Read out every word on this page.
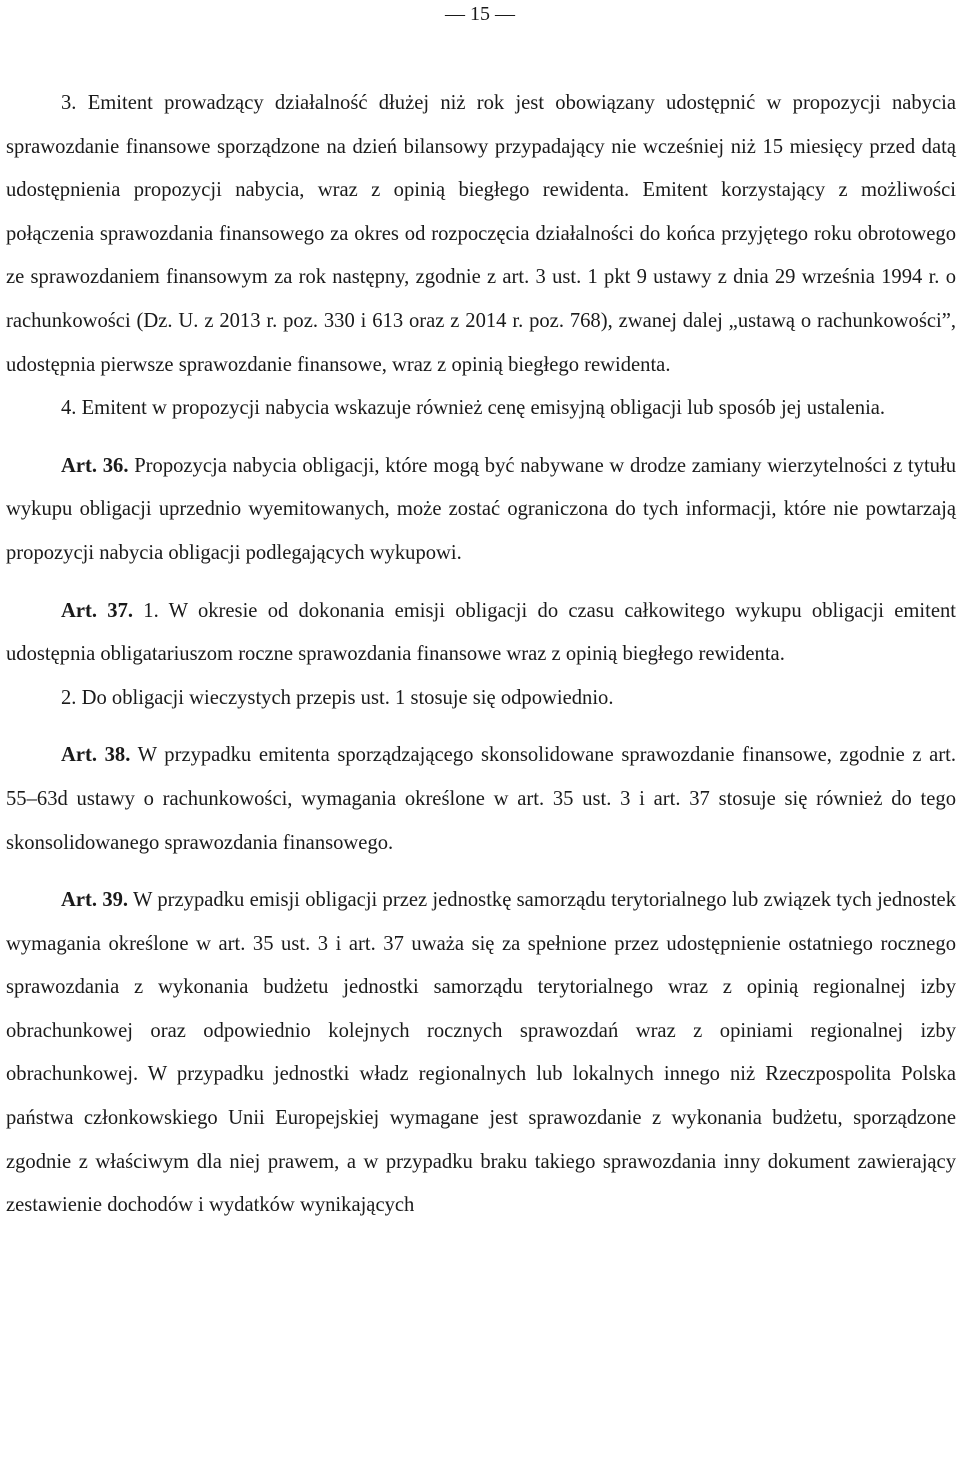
— 15 —

3. Emitent prowadzący działalność dłużej niż rok jest obowiązany udostępnić w propozycji nabycia sprawozdanie finansowe sporządzone na dzień bilansowy przypadający nie wcześniej niż 15 miesięcy przed datą udostępnienia propozycji nabycia, wraz z opinią biegłego rewidenta. Emitent korzystający z możliwości połączenia sprawozdania finansowego za okres od rozpoczęcia działalności do końca przyjętego roku obrotowego ze sprawozdaniem finansowym za rok następny, zgodnie z art. 3 ust. 1 pkt 9 ustawy z dnia 29 września 1994 r. o rachunkowości (Dz. U. z 2013 r. poz. 330 i 613 oraz z 2014 r. poz. 768), zwanej dalej „ustawą o rachunkowości”, udostępnia pierwsze sprawozdanie finansowe, wraz z opinią biegłego rewidenta.

4. Emitent w propozycji nabycia wskazuje również cenę emisyjną obligacji lub sposób jej ustalenia.

Art. 36. Propozycja nabycia obligacji, które mogą być nabywane w drodze zamiany wierzytelności z tytułu wykupu obligacji uprzednio wyemitowanych, może zostać ograniczona do tych informacji, które nie powtarzają propozycji nabycia obligacji podlegających wykupowi.

Art. 37. 1. W okresie od dokonania emisji obligacji do czasu całkowitego wykupu obligacji emitent udostępnia obligatariuszom roczne sprawozdania finansowe wraz z opinią biegłego rewidenta.

2. Do obligacji wieczystych przepis ust. 1 stosuje się odpowiednio.

Art. 38. W przypadku emitenta sporządzającego skonsolidowane sprawozdanie finansowe, zgodnie z art. 55–63d ustawy o rachunkowości, wymagania określone w art. 35 ust. 3 i art. 37 stosuje się również do tego skonsolidowanego sprawozdania finansowego.

Art. 39. W przypadku emisji obligacji przez jednostkę samorządu terytorialnego lub związek tych jednostek wymagania określone w art. 35 ust. 3 i art. 37 uważa się za spełnione przez udostępnienie ostatniego rocznego sprawozdania z wykonania budżetu jednostki samorządu terytorialnego wraz z opinią regionalnej izby obrachunkowej oraz odpowiednio kolejnych rocznych sprawozdań wraz z opiniami regionalnej izby obrachunkowej. W przypadku jednostki władz regionalnych lub lokalnych innego niż Rzeczpospolita Polska państwa członkowskiego Unii Europejskiej wymagane jest sprawozdanie z wykonania budżetu, sporządzone zgodnie z właściwym dla niej prawem, a w przypadku braku takiego sprawozdania inny dokument zawierający zestawienie dochodów i wydatków wynikających
